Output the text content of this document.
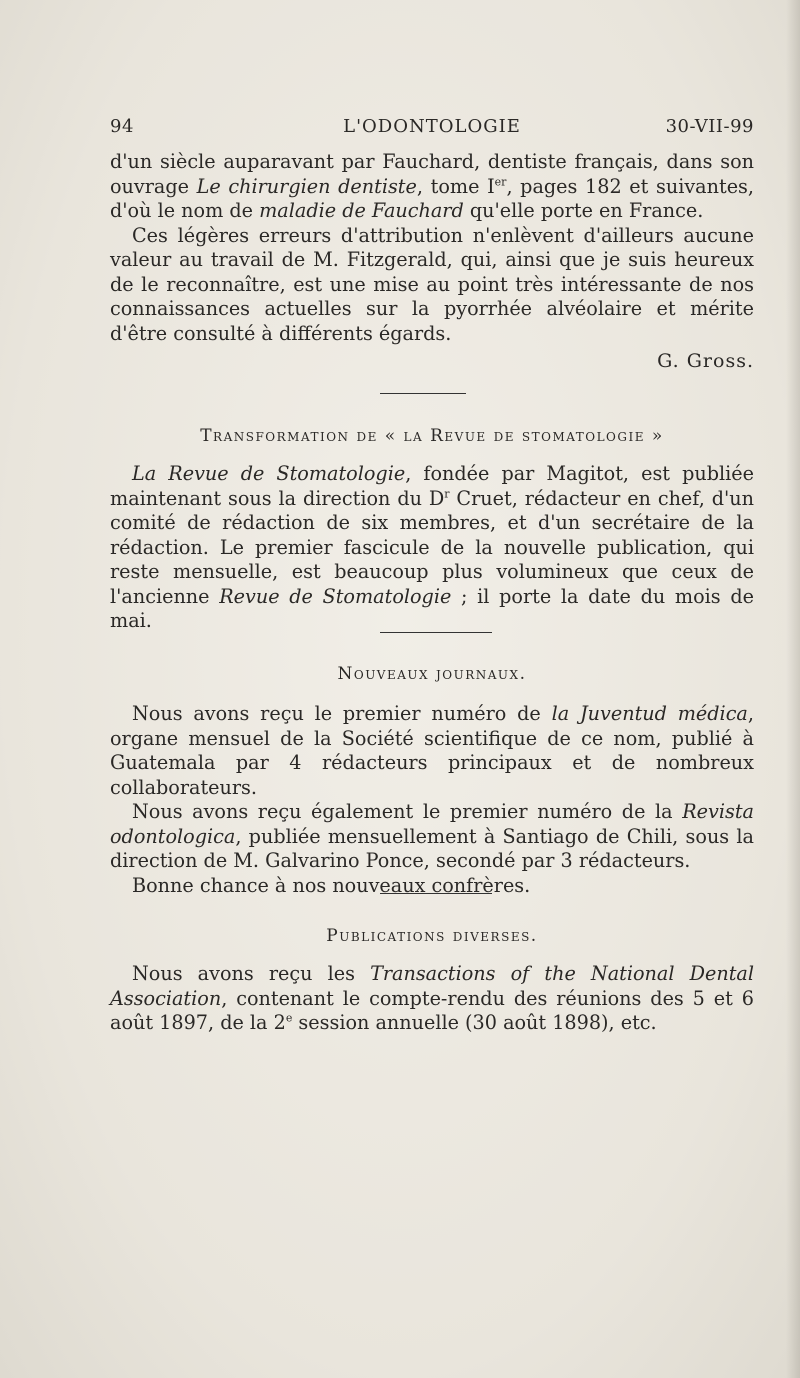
94	L'ODONTOLOGIE	30-VII-99

d'un siècle auparavant par Fauchard, dentiste français, dans son ouvrage Le chirurgien dentiste, tome Ier, pages 182 et suivantes, d'où le nom de maladie de Fauchard qu'elle porte en France.

Ces légères erreurs d'attribution n'enlèvent d'ailleurs aucune valeur au travail de M. Fitzgerald, qui, ainsi que je suis heureux de le reconnaître, est une mise au point très intéressante de nos connaissances actuelles sur la pyorrhée alvéolaire et mérite d'être consulté à différents égards.

G. Gross.
Transformation de « la Revue de stomatologie »

La Revue de Stomatologie, fondée par Magitot, est publiée maintenant sous la direction du $D^r$ Cruet, rédacteur en chef, d'un comité de rédaction de six membres, et d'un secrétaire de la rédaction. Le premier fascicule de la nouvelle publication, qui reste mensuelle, est beaucoup plus volumineux que ceux de l'ancienne Revue de Stomatologie ; il porte la date du mois de mai.

Nouveaux journaux.

Nous avons reçu le premier numéro de la Juventud médica, organe mensuel de la Société scientifique de ce nom, publié à Guatemala par 4 rédacteurs principaux et de nombreux collaborateurs.

Nous avons reçu également le premier numéro de la Revista odontologica, publiée mensuellement à Santiago de Chili, sous la direction de M. Galvarino Ponce, secondé par 3 rédacteurs.

Bonne chance à nos nouveaux confrères.

Publications diverses.

Nous avons reçu les Transactions of the National Dental Association, contenant le compte-rendu des réunions des 5 et 6 août 1897, de la 2e session annuelle (30 août 1898), etc.
